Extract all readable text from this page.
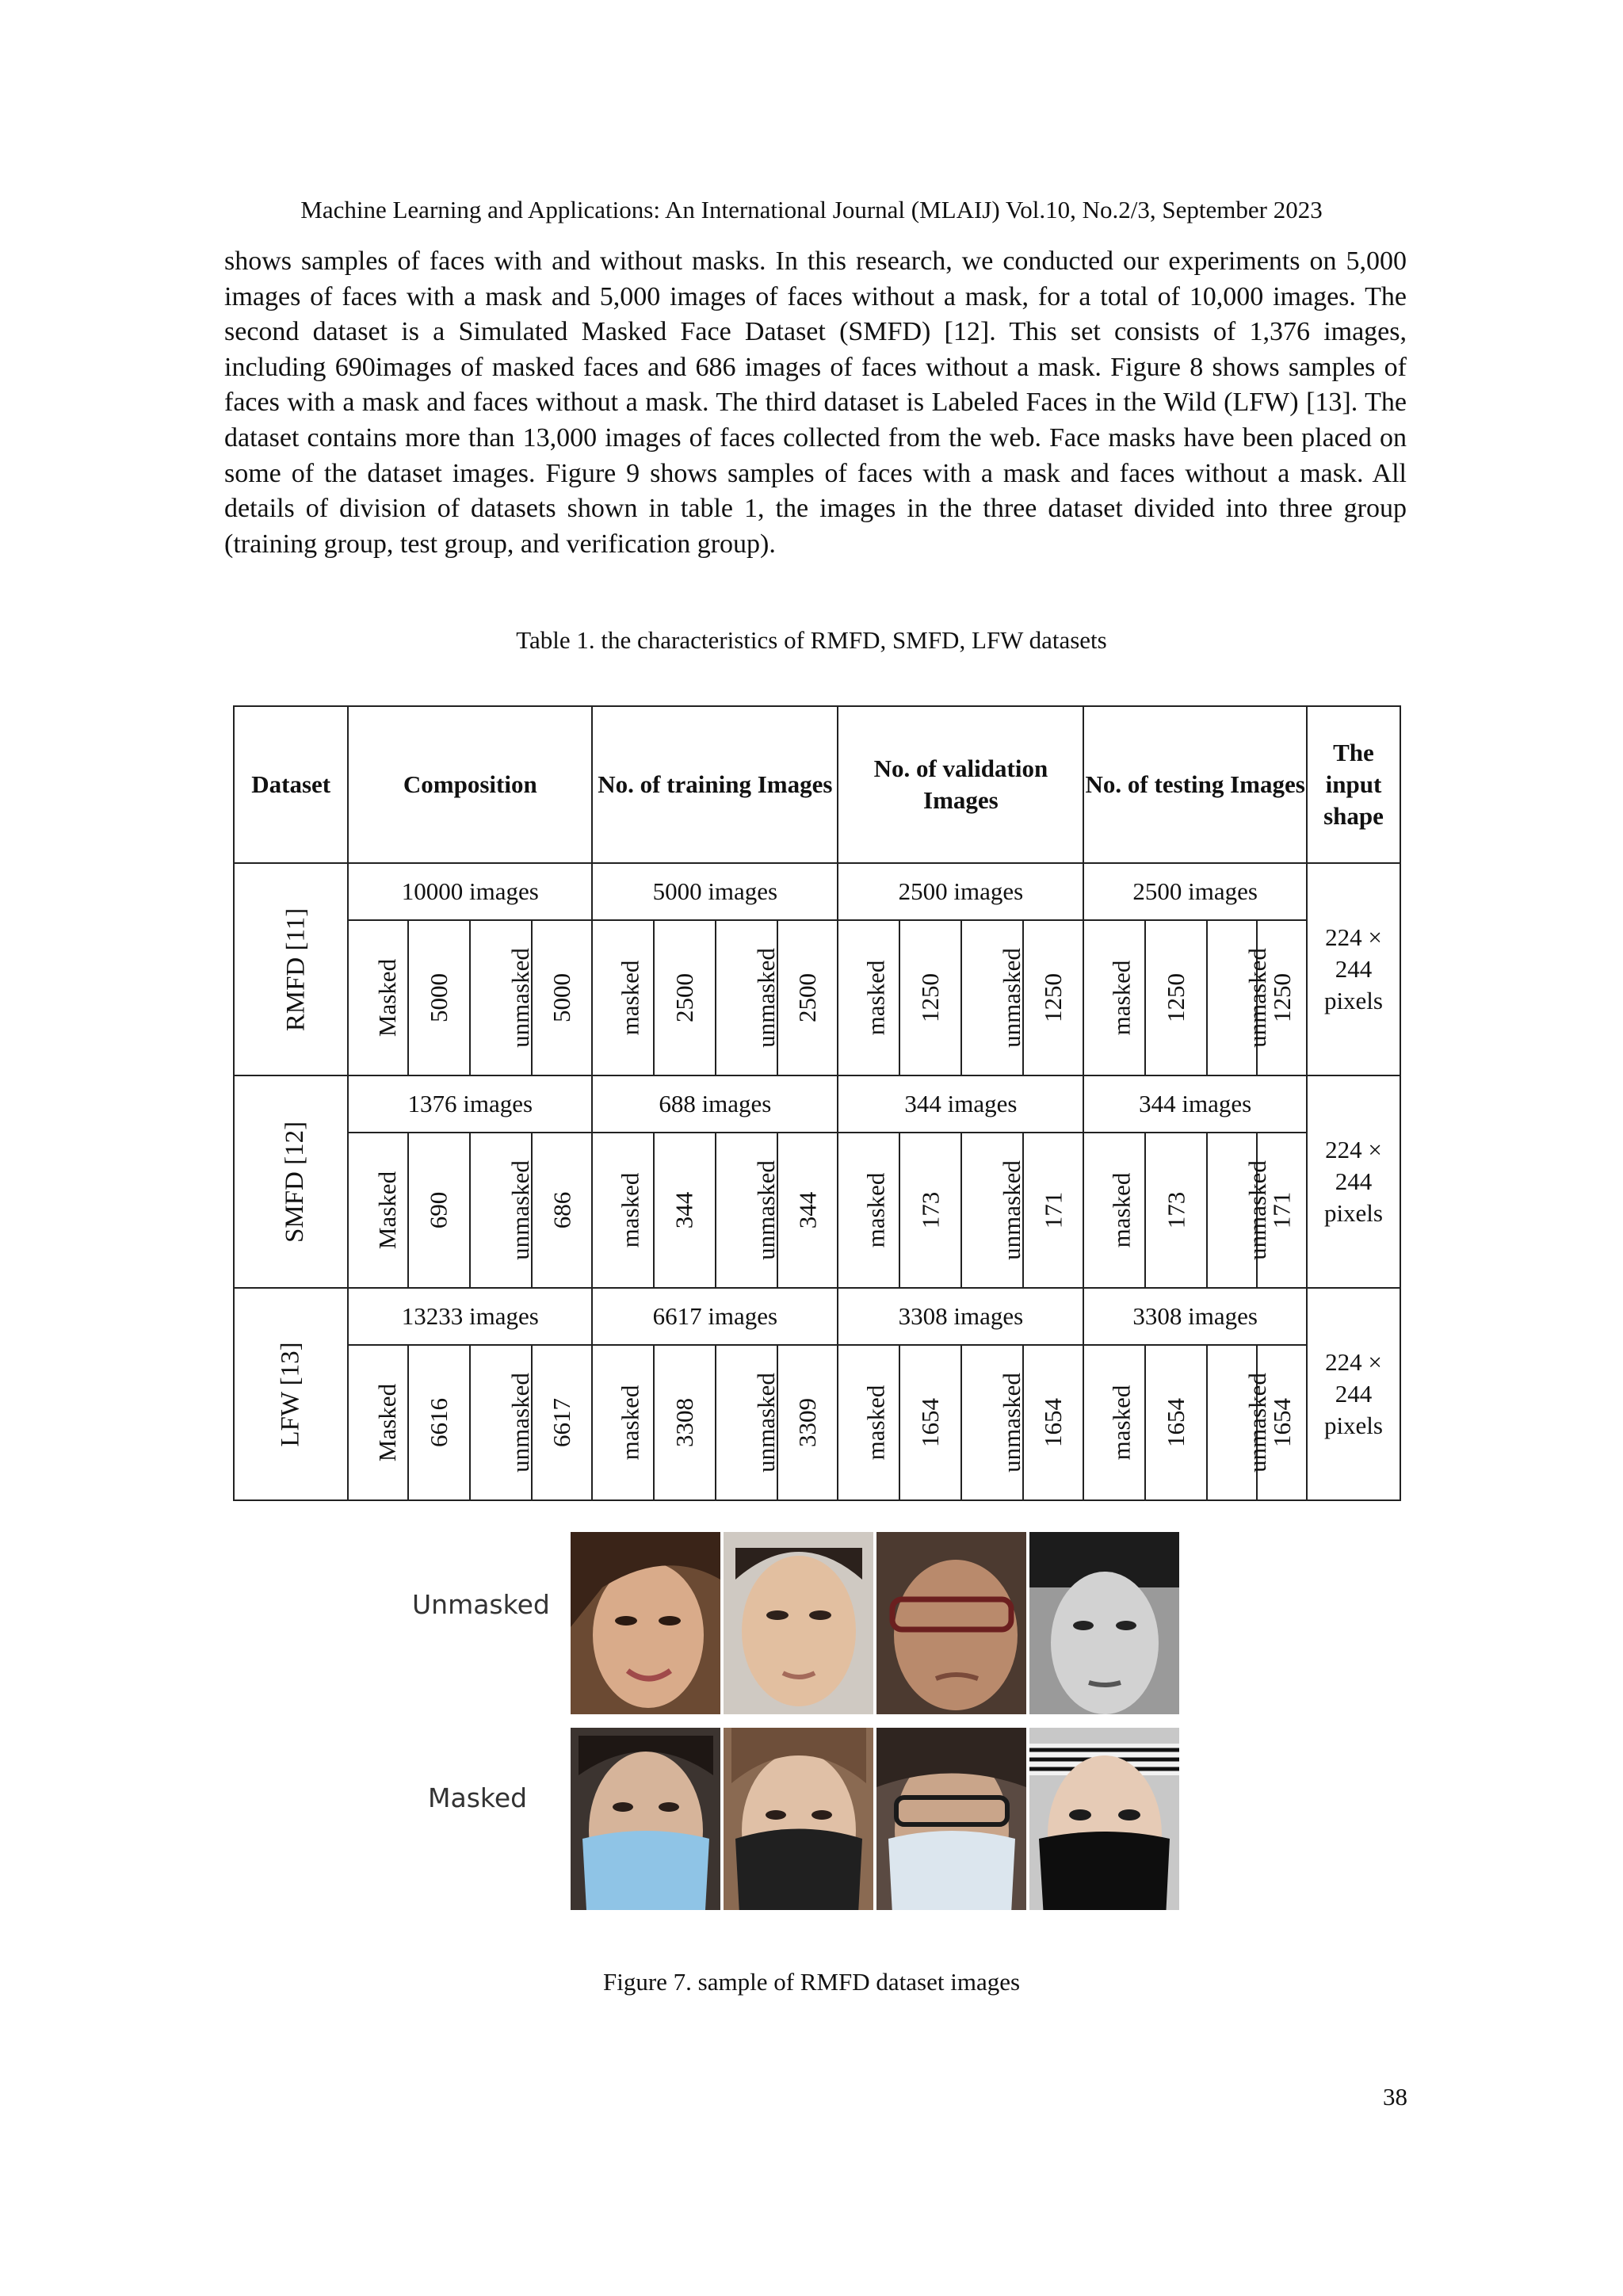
Machine Learning and Applications: An International Journal (MLAIJ) Vol.10, No.2/3, September 2023

shows samples of faces with and without masks. In this research, we conducted our experiments on 5,000 images of faces with a mask and 5,000 images of faces without a mask, for a total of 10,000 images. The second dataset is a Simulated Masked Face Dataset (SMFD) [12]. This set consists of 1,376 images, including 690images of masked faces and 686 images of faces without a mask. Figure 8 shows samples of faces with a mask and faces without a mask. The third dataset is Labeled Faces in the Wild (LFW) [13]. The dataset contains more than 13,000 images of faces collected from the web. Face masks have been placed on some of the dataset images. Figure 9 shows samples of faces with a mask and faces without a mask. All details of division of datasets shown in table 1, the images in the three dataset divided into three group (training group, test group, and verification group).

Table 1. the characteristics of RMFD, SMFD, LFW datasets
Dataset	Composition				No. of training Images				No. of validation Images				No. of testing Images				The input shape
RMFD [11]	10000 images				5000 images				2500 images				2500 images				224 × 244 pixels

	Masked	5000	unmasked	5000	masked	2500	unmasked	2500	masked	1250	unmasked	1250	masked	1250	unmasked	1250	
SMFD [12]	1376 images				688 images				344 images				344 images				224 × 244 pixels

	Masked	690	unmasked	686	masked	344	unmasked	344	masked	173	unmasked	171	masked	173	unmasked	171	
LFW [13]	13233 images				6617 images				3308 images				3308 images				224 × 244 pixels

	Masked	6616	unmasked	6617	masked	3308	unmasked	3309	masked	1654	unmasked	1654	masked	1654	unmasked	1654	
Unmasked
Masked
Figure 7. sample of RMFD dataset images
38
